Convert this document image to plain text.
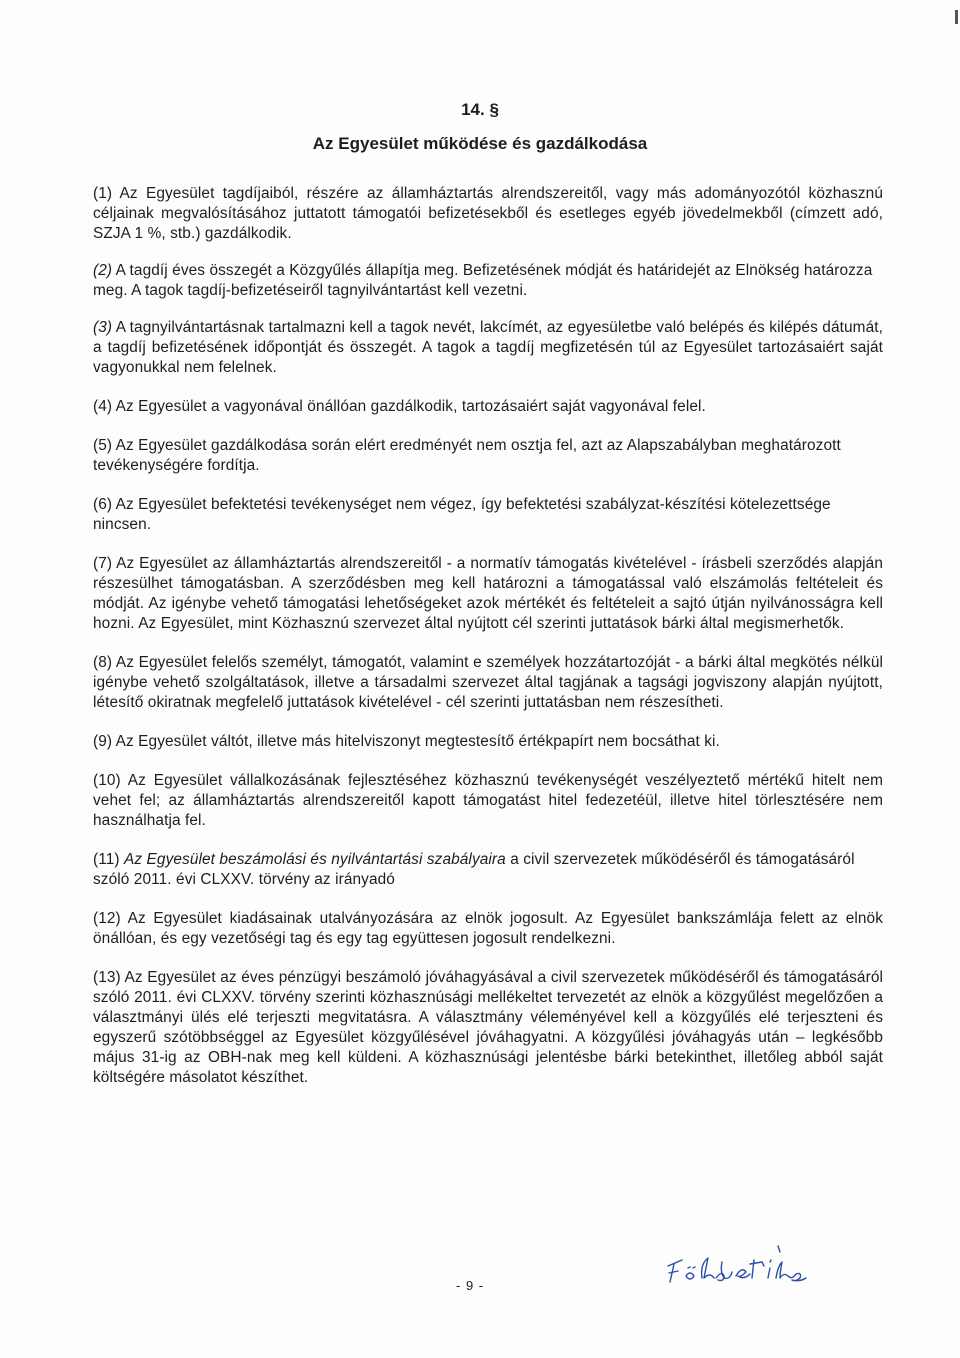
14. §
Az Egyesület működése és gazdálkodása

(1) Az Egyesület tagdíjaiból, részére az államháztartás alrendszereitől, vagy más adományozótól közhasznú céljainak megvalósításához juttatott támogatói befizetésekből és esetleges egyéb jövedelmekből (címzett adó, SZJA 1 %, stb.) gazdálkodik.

(2) A tagdíj éves összegét a Közgyűlés állapítja meg. Befizetésének módját és határidejét az Elnökség határozza meg. A tagok tagdíj-befizetéseiről tagnyilvántartást kell vezetni.

(3) A tagnyilvántartásnak tartalmazni kell a tagok nevét, lakcímét, az egyesületbe való belépés és kilépés dátumát, a tagdíj befizetésének időpontját és összegét. A tagok a tagdíj megfizetésén túl az Egyesület tartozásaiért saját vagyonukkal nem felelnek.

(4) Az Egyesület a vagyonával önállóan gazdálkodik, tartozásaiért saját vagyonával felel.

(5) Az Egyesület gazdálkodása során elért eredményét nem osztja fel, azt az Alapszabályban meghatározott tevékenységére fordítja.

(6) Az Egyesület befektetési tevékenységet nem végez, így befektetési szabályzat-készítési kötelezettsége nincsen.

(7) Az Egyesület az államháztartás alrendszereitől - a normatív támogatás kivételével - írásbeli szerződés alapján részesülhet támogatásban. A szerződésben meg kell határozni a támogatással való elszámolás feltételeit és módját. Az igénybe vehető támogatási lehetőségeket azok mértékét és feltételeit a sajtó útján nyilvánosságra kell hozni. Az Egyesület, mint Közhasznú szervezet által nyújtott cél szerinti juttatások bárki által megismerhetők.

(8) Az Egyesület felelős személyt, támogatót, valamint e személyek hozzátartozóját - a bárki által megkötés nélkül igénybe vehető szolgáltatások, illetve a társadalmi szervezet által tagjának a tagsági jogviszony alapján nyújtott, létesítő okiratnak megfelelő juttatások kivételével - cél szerinti juttatásban nem részesítheti.

(9) Az Egyesület váltót, illetve más hitelviszonyt megtestesítő értékpapírt nem bocsáthat ki.

(10) Az Egyesület vállalkozásának fejlesztéséhez közhasznú tevékenységét veszélyeztető mértékű hitelt nem vehet fel; az államháztartás alrendszereitől kapott támogatást hitel fedezetéül, illetve hitel törlesztésére nem használhatja fel.

(11) Az Egyesület beszámolási és nyilvántartási szabályaira a civil szervezetek működéséről és támogatásáról szóló 2011. évi CLXXV. törvény az irányadó

(12) Az Egyesület kiadásainak utalványozására az elnök jogosult. Az Egyesület bankszámlája felett az elnök önállóan, és egy vezetőségi tag és egy tag együttesen jogosult rendelkezni.

(13) Az Egyesület az éves pénzügyi beszámoló jóváhagyásával a civil szervezetek működéséről és támogatásáról szóló 2011. évi CLXXV. törvény szerinti közhasznúsági mellékeltet tervezetét az elnök a közgyűlést megelőzően a választmányi ülés elé terjeszti megvitatásra. A választmány véleményével kell a közgyűlés elé terjeszteni és egyszerű szótöbbséggel az Egyesület közgyűlésével jóváhagyatni. A közgyűlési jóváhagyás után – legkésőbb május 31-ig az OBH-nak meg kell küldeni. A közhasznúsági jelentésbe bárki betekinthet, illetőleg abból saját költségére másolatot készíthet.

- 9 -
